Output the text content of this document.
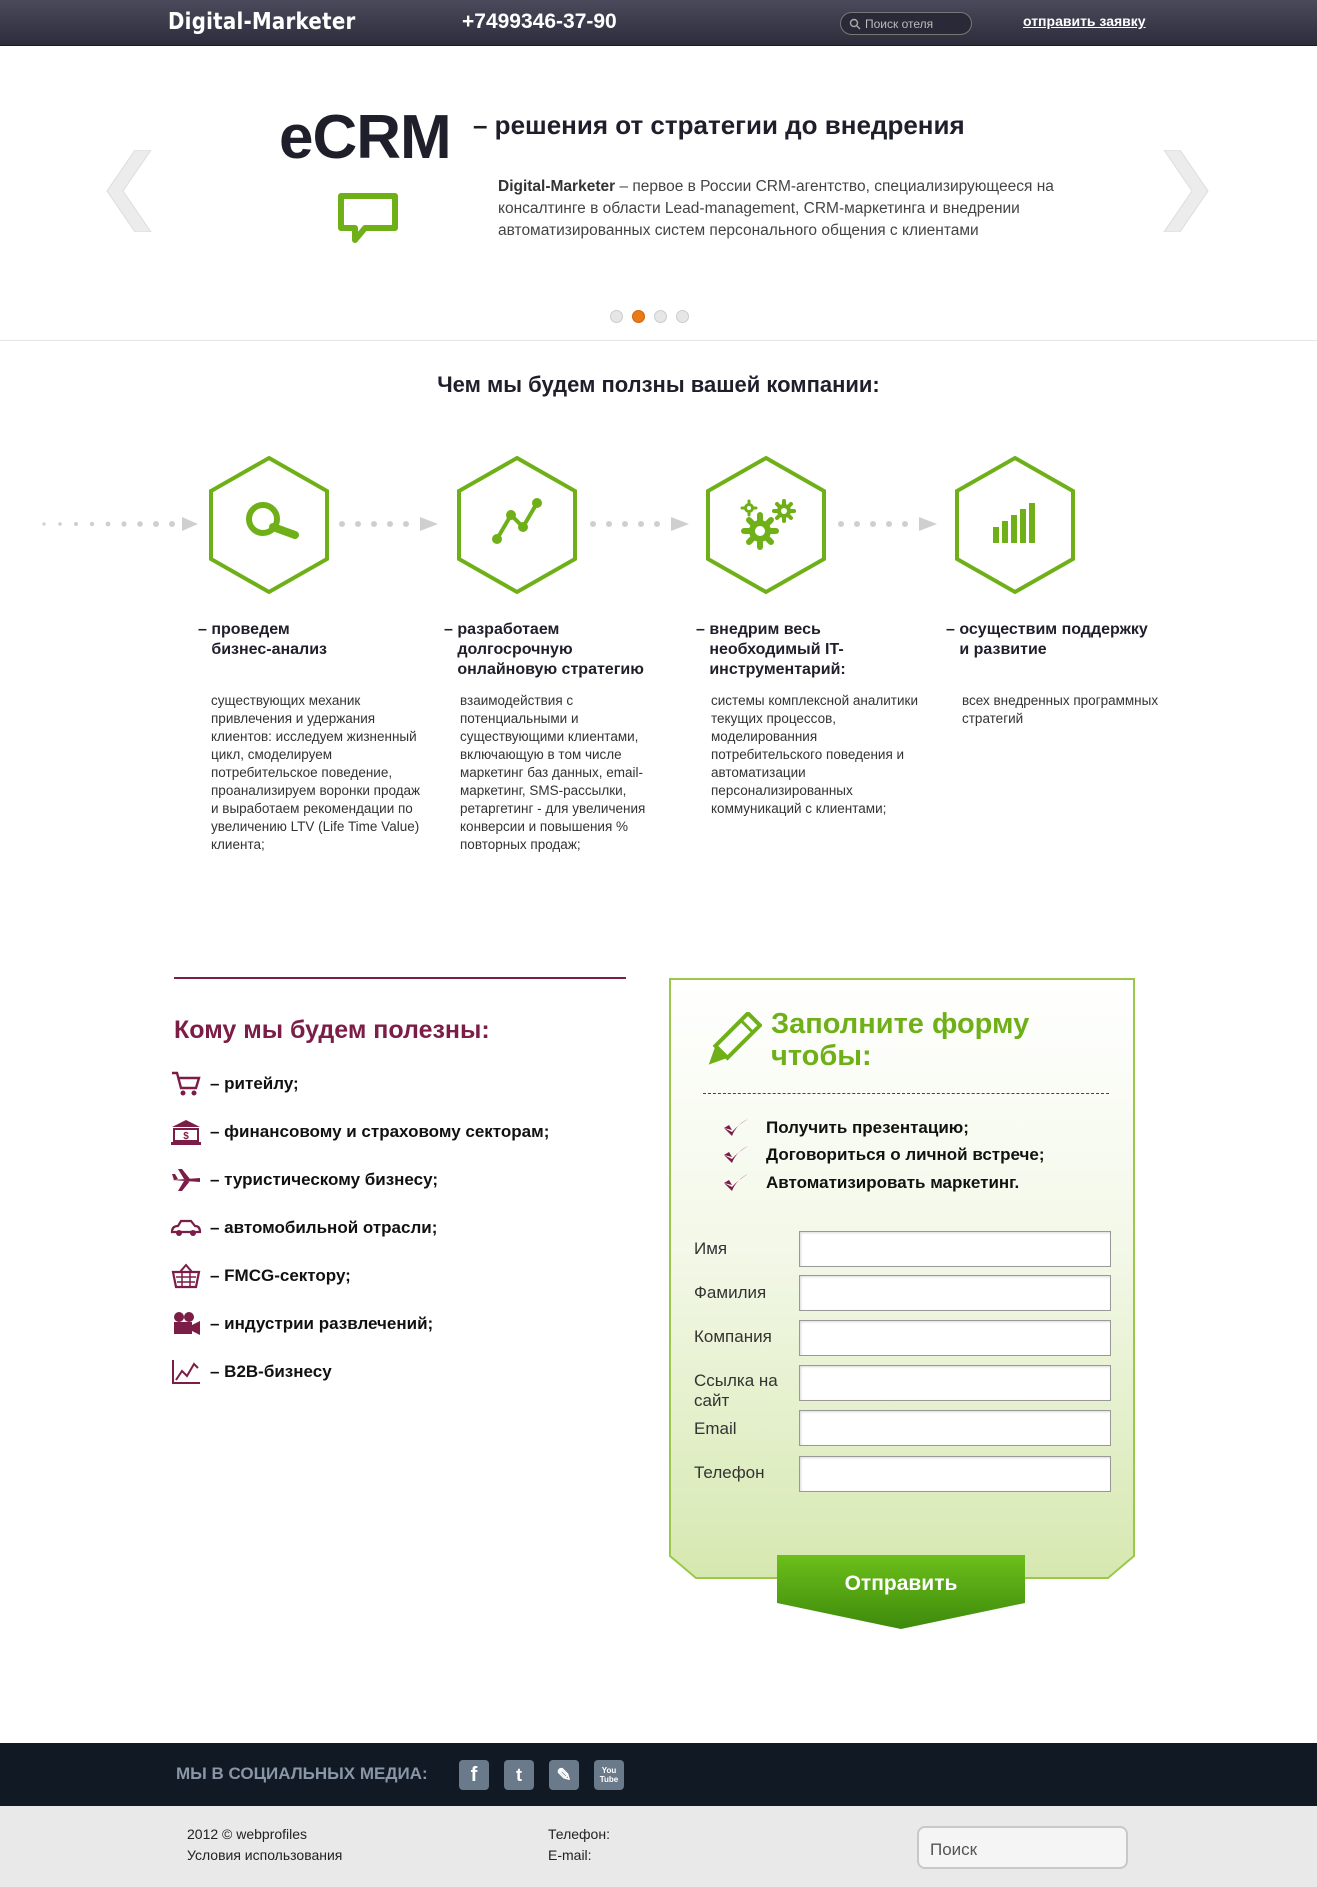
Digital-Marketer	+7499346-37-90	Поиск отеля	отправить заявку
eCRM – решения от стратегии до внедрения
Digital-Marketer – первое в России CRM-агентство, специализирующееся на консалтинге в области Lead-management, CRM-маркетинга и внедрении автоматизированных систем персонального общения с клиентами
Чем мы будем ползны вашей компании:
– проведем
бизнес-анализ
существующих механик привлечения и удержания клиентов: исследуем жизненный цикл, смоделируем потребительское поведение, проанализируем воронки продаж и выработаем рекомендации по увеличению LTV (Life Time Value) клиента;
– разработаем
долгосрочную
онлайновую стратегию
взаимодействия с потенциальными и существующими клиентами, включающую в том числе маркетинг баз данных, email-маркетинг, SMS-рассылки, ретаргетинг - для увеличения конверсии и повышения % повторных продаж;
– внедрим весь
необходимый IT-
инструментарий:
системы комплексной аналитики текущих процессов, моделированния потребительского поведения и автоматизации персонализированных коммуникаций с клиентами;
– осуществим поддержку
и развитие
всех внедренных программных стратегий
Кому мы будем полезны:
– ритейлу;
$ – финансовому и страховому секторам;
– туристическому бизнесу;
– автомобильной отрасли;
– FMCG-сектору;
– индустрии развлечений;
– B2B-бизнесу
Заполните форму
чтобы:
Получить презентацию;
Договориться о личной встрече;
Автоматизировать маркетинг.
Имя
Фамилия
Компания
Ссылка на сайт
Email
Телефон
Отправить
МЫ В СОЦИАЛЬНЫХ МЕДИА:	f	t	✎	You Tube
2012 © webprofiles
Условия использования
Телефон:
E-mail:	Поиск
